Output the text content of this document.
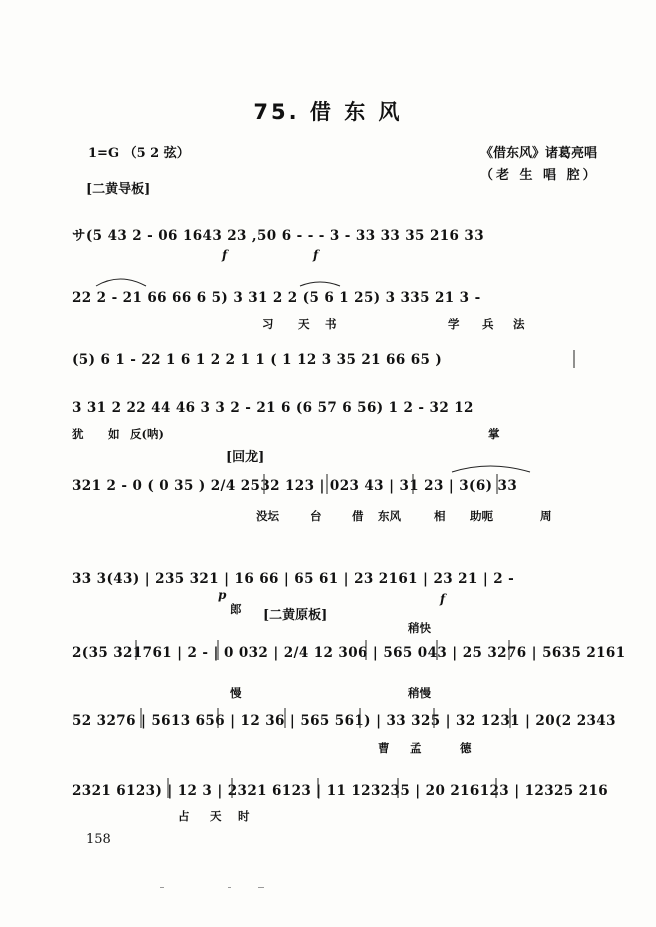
75. 借 东 风
1=G （5 2 弦）	《借东风》诸葛亮唱
（老 生 唱 腔）
[二黄导板]
[回龙]
[二黄原板]
サ(5 43 2 - 06 1643 23 ,50 6 - - - 3 - 33 33 35 216 33
22 2 - 21 66 66 6 5) 3 31 2 2 (5 6 1 25) 3 335 21 3 -
(5) 6 1 - 22 1 6 1 2 2 1 1 ( 1 12 3 35 21 66 65 )
3 31 2 22 44 46 3 3 2 - 21 6 (6 57 6 56) 1 2 - 32 12
321 2 - 0 ( 0 35 ) 2/4 2532 123 | 023 43 | 31 23 | 3(6) 33
33 3(43) | 235 321 | 16 66 | 65 61 | 23 2161 | 23 21 | 2 -
2(35 321761 | 2 - | 0 032 | 2/4 12 306 | 565 043 | 25 3276 | 5635 2161
52 3276 | 5613 656 | 12 36 | 565 561) | 33 325 | 32 1231 | 20(2 2343
2321 6123) | 12 3 | 2321 6123 | 11 123235 | 20 216123 | 12325 216
习 天 书	学 兵 法
犹 如 反(呐)	掌
没坛	台	借 东风	相 助呃	周
郎
曹 孟	德
占 天 时
稍快
慢	稍慢
f	f
f
p
158
